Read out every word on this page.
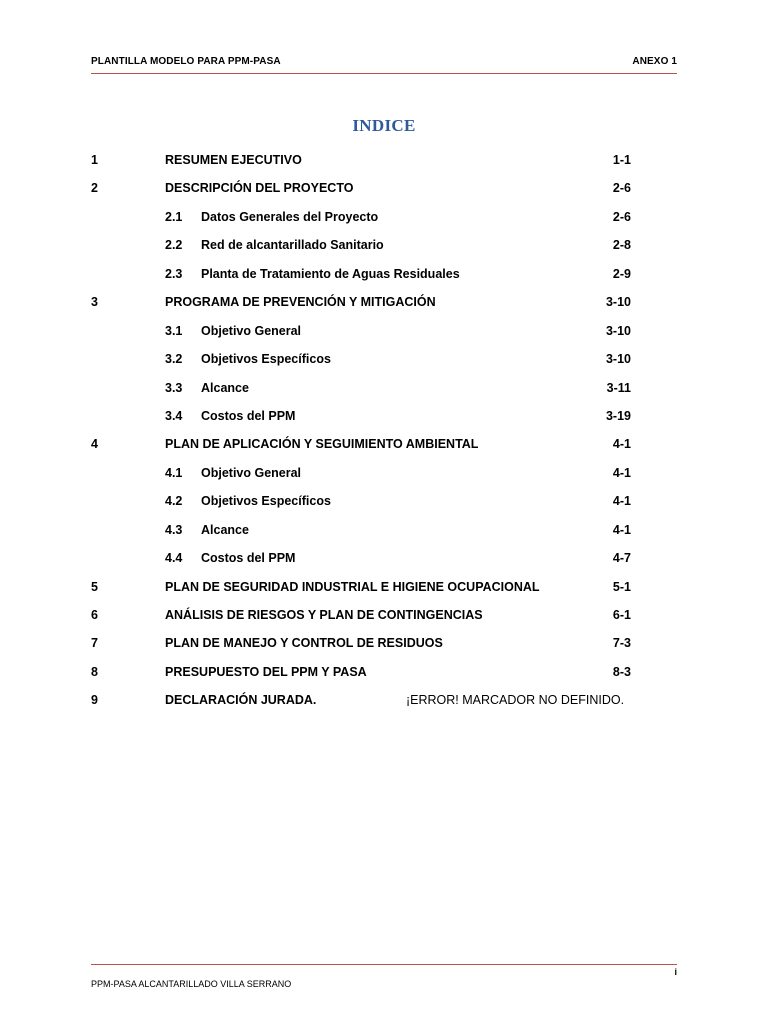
PLANTILLA MODELO PARA PPM-PASA	ANEXO 1
INDICE
1	RESUMEN EJECUTIVO	1-1
2	DESCRIPCIÓN DEL PROYECTO	2-6
2.1 Datos Generales del Proyecto	2-6
2.2 Red de alcantarillado Sanitario	2-8
2.3 Planta de Tratamiento de Aguas Residuales	2-9
3	PROGRAMA DE PREVENCIÓN Y MITIGACIÓN	3-10
3.1 Objetivo General	3-10
3.2 Objetivos Específicos	3-10
3.3 Alcance	3-11
3.4 Costos del PPM	3-19
4	PLAN DE APLICACIÓN Y SEGUIMIENTO AMBIENTAL	4-1
4.1 Objetivo General	4-1
4.2 Objetivos Específicos	4-1
4.3 Alcance	4-1
4.4 Costos del PPM	4-7
5	PLAN DE SEGURIDAD INDUSTRIAL E HIGIENE OCUPACIONAL	5-1
6	ANÁLISIS DE RIESGOS Y PLAN DE CONTINGENCIAS	6-1
7	PLAN DE MANEJO Y CONTROL DE RESIDUOS	7-3
8	PRESUPUESTO DEL PPM Y PASA	8-3
9	DECLARACIÓN JURADA.	¡ERROR! MARCADOR NO DEFINIDO.
i
PPM-PASA ALCANTARILLADO VILLA SERRANO
